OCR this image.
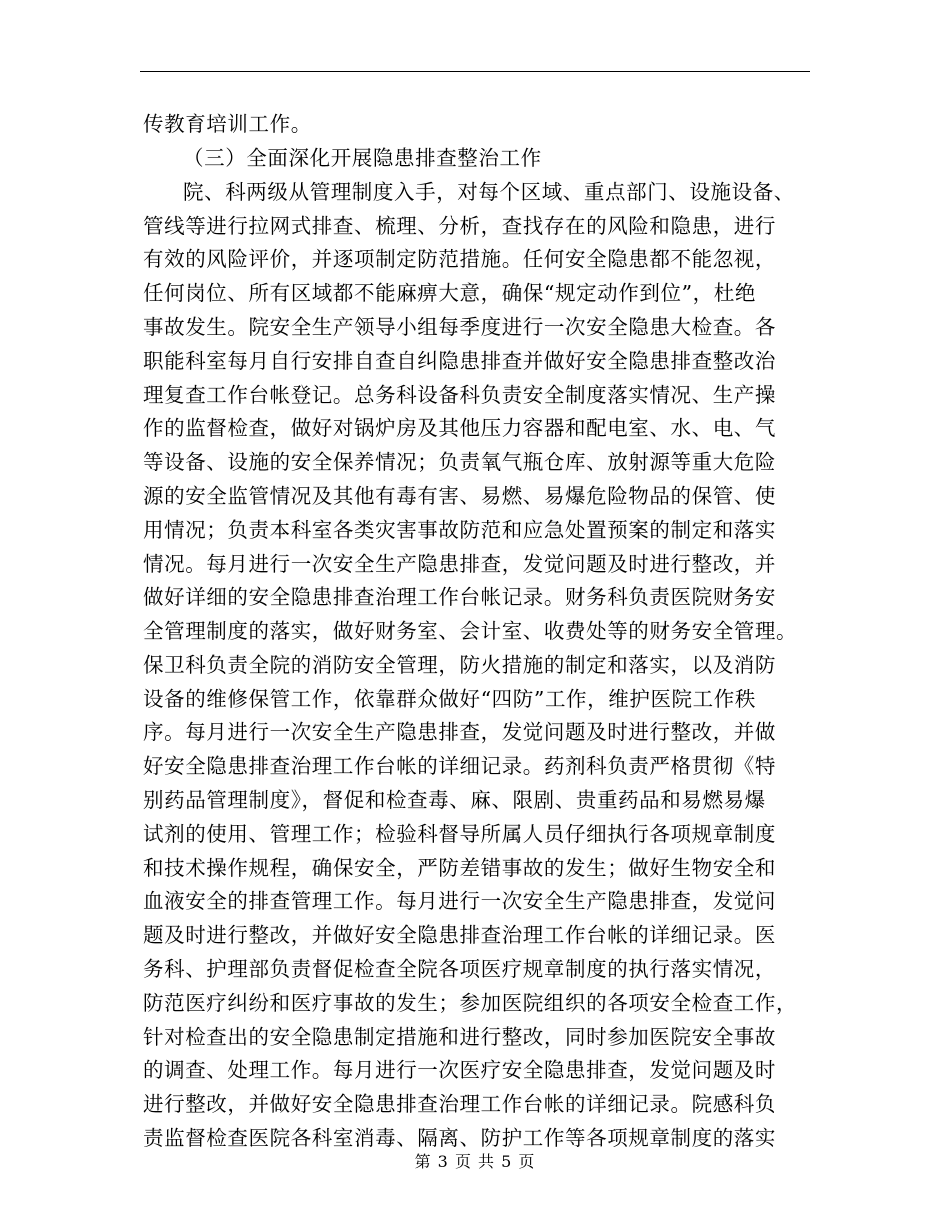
传教育培训工作。
（三）全面深化开展隐患排查整治工作
院、科两级从管理制度入手，对每个区域、重点部门、设施设备、
管线等进行拉网式排查、梳理、分析，查找存在的风险和隐患，进行
有效的风险评价，并逐项制定防范措施。任何安全隐患都不能忽视，
任何岗位、所有区域都不能麻痹大意，确保“规定动作到位”，杜绝
事故发生。院安全生产领导小组每季度进行一次安全隐患大检查。各
职能科室每月自行安排自查自纠隐患排查并做好安全隐患排查整改治
理复查工作台帐登记。总务科设备科负责安全制度落实情况、生产操
作的监督检查，做好对锅炉房及其他压力容器和配电室、水、电、气
等设备、设施的安全保养情况；负责氧气瓶仓库、放射源等重大危险
源的安全监管情况及其他有毒有害、易燃、易爆危险物品的保管、使
用情况；负责本科室各类灾害事故防范和应急处置预案的制定和落实
情况。每月进行一次安全生产隐患排查，发觉问题及时进行整改，并
做好详细的安全隐患排查治理工作台帐记录。财务科负责医院财务安
全管理制度的落实，做好财务室、会计室、收费处等的财务安全管理。
保卫科负责全院的消防安全管理，防火措施的制定和落实，以及消防
设备的维修保管工作，依靠群众做好“四防”工作，维护医院工作秩
序。每月进行一次安全生产隐患排查，发觉问题及时进行整改，并做
好安全隐患排查治理工作台帐的详细记录。药剂科负责严格贯彻《特
别药品管理制度》，督促和检查毒、麻、限剧、贵重药品和易燃易爆
试剂的使用、管理工作；检验科督导所属人员仔细执行各项规章制度
和技术操作规程，确保安全，严防差错事故的发生；做好生物安全和
血液安全的排查管理工作。每月进行一次安全生产隐患排查，发觉问
题及时进行整改，并做好安全隐患排查治理工作台帐的详细记录。医
务科、护理部负责督促检查全院各项医疗规章制度的执行落实情况，
防范医疗纠纷和医疗事故的发生；参加医院组织的各项安全检查工作，
针对检查出的安全隐患制定措施和进行整改，同时参加医院安全事故
的调查、处理工作。每月进行一次医疗安全隐患排查，发觉问题及时
进行整改，并做好安全隐患排查治理工作台帐的详细记录。院感科负
责监督检查医院各科室消毒、隔离、防护工作等各项规章制度的落实
第 3 页 共 5 页
